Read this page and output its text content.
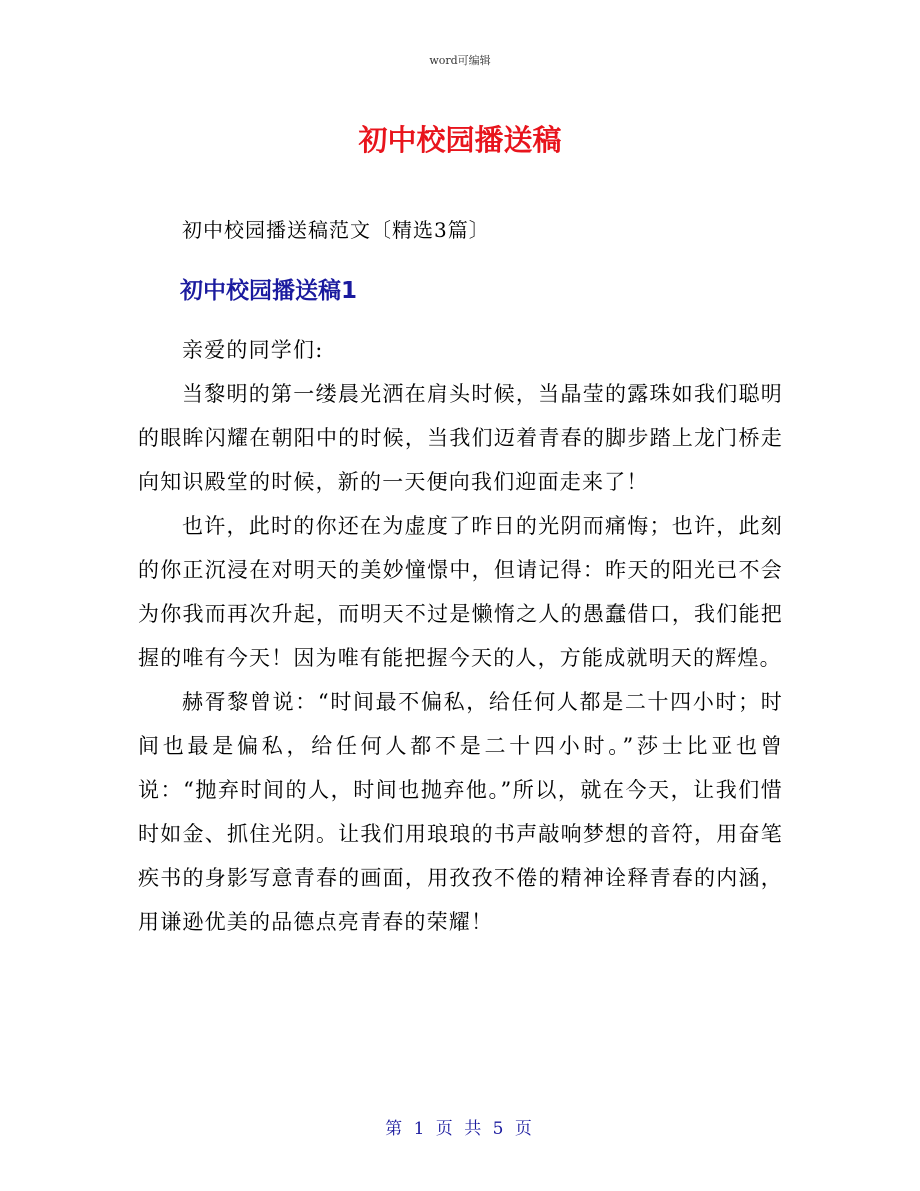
word可编辑
初中校园播送稿

初中校园播送稿范文〔精选3篇〕

初中校园播送稿1

亲爱的同学们:

当黎明的第一缕晨光洒在肩头时候，当晶莹的露珠如我们聪明的眼眸闪耀在朝阳中的时候，当我们迈着青春的脚步踏上龙门桥走向知识殿堂的时候，新的一天便向我们迎面走来了！

也许，此时的你还在为虚度了昨日的光阴而痛悔；也许，此刻的你正沉浸在对明天的美妙憧憬中，但请记得：昨天的阳光已不会为你我而再次升起，而明天不过是懒惰之人的愚蠢借口，我们能把握的唯有今天！因为唯有能把握今天的人，方能成就明天的辉煌。

赫胥黎曾说：“时间最不偏私，给任何人都是二十四小时；时间也最是偏私，给任何人都不是二十四小时。”莎士比亚也曾说：“抛弃时间的人，时间也抛弃他。”所以，就在今天，让我们惜时如金、抓住光阴。让我们用琅琅的书声敲响梦想的音符，用奋笔疾书的身影写意青春的画面，用孜孜不倦的精神诠释青春的内涵，用谦逊优美的品德点亮青春的荣耀！

第 1 页 共 5 页
